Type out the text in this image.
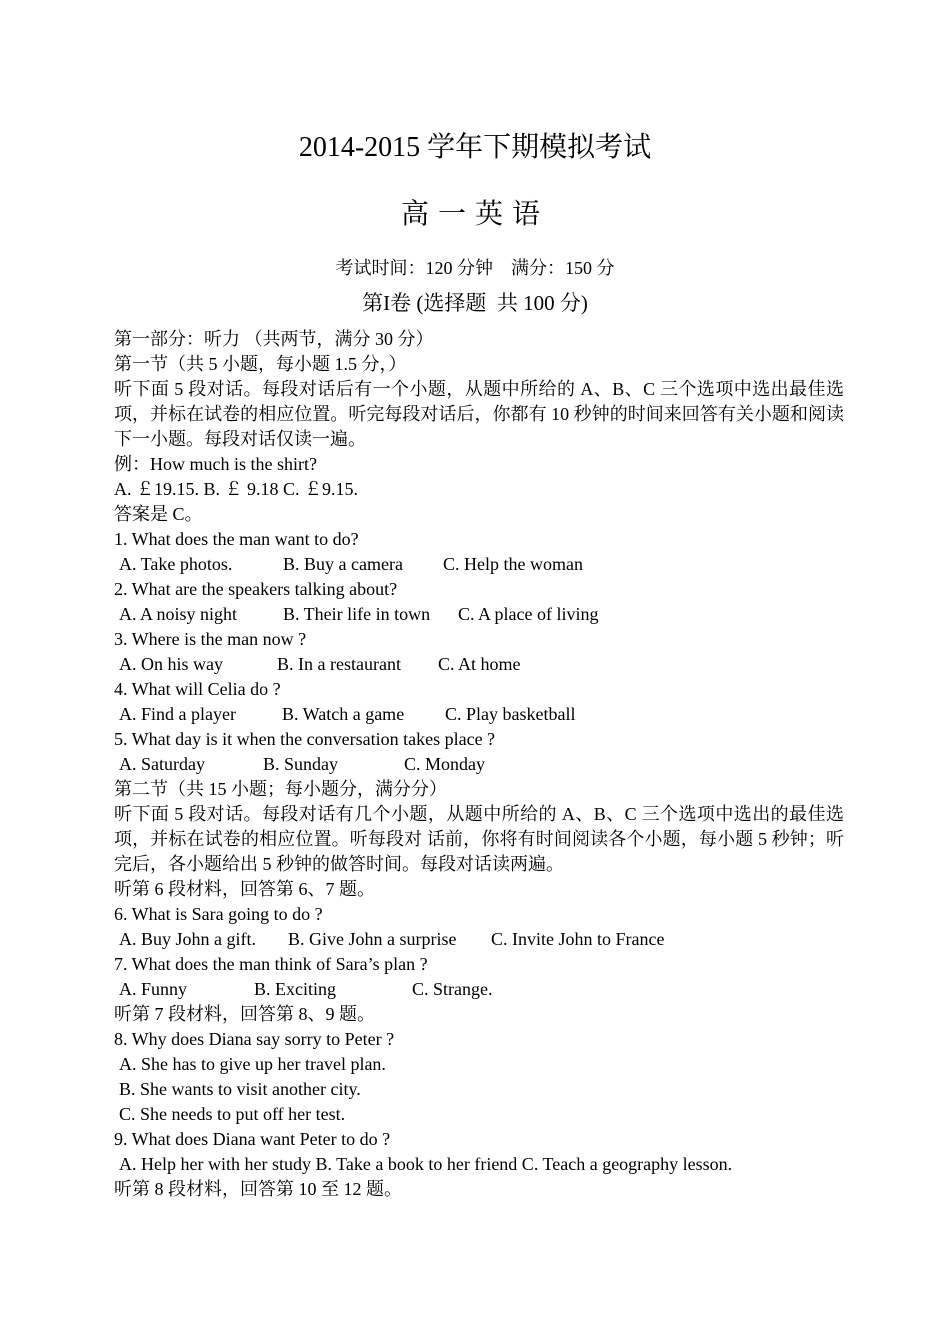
2014-2015 学年下期模拟考试
高一英语
考试时间：120 分钟    满分：150 分
第I卷 (选择题  共 100 分)
第一部分：听力 （共两节，满分 30 分）
第一节（共 5 小题，每小题 1.5 分，）
听下面 5 段对话。每段对话后有一个小题，从题中所给的 A、B、C 三个选项中选出最佳选项，并标在试卷的相应位置。听完每段对话后，你都有 10 秒钟的时间来回答有关小题和阅读下一小题。每段对话仅读一遍。
例：How much is the shirt?
A. ￡19.15. B. ￡ 9.18 C. ￡9.15.
答案是 C。
1. What does the man want to do?
A. Take photos.	B. Buy a camera C. Help the woman
2. What are the speakers talking about?
A. A noisy night	B. Their life in town C. A place of living
3. Where is the man now ?
A. On his way	B. In a restaurant C. At home
4. What will Celia do ?
A. Find a player	B. Watch a game C. Play basketball
5. What day is it when the conversation takes place ?
A. Saturday	B. Sunday	C. Monday
第二节（共 15 小题；每小题分，满分分）
听下面 5 段对话。每段对话有几个小题，从题中所给的 A、B、C 三个选项中选出的最佳选项，并标在试卷的相应位置。听每段对 话前，你将有时间阅读各个小题，每小题 5 秒钟；听完后，各小题给出 5 秒钟的做答时间。每段对话读两遍。
听第 6 段材料，回答第 6、7 题。
6. What is Sara going to do ?
A. Buy John a gift. B. Give John a surprise C. Invite John to France
7. What does the man think of Sara’s plan ?
A. Funny	B. Exciting	C. Strange.
听第 7 段材料，回答第 8、9 题。
8. Why does Diana say sorry to Peter ?
A. She has to give up her travel plan.
B. She wants to visit another city.
C. She needs to put off her test.
9. What does Diana want Peter to do ?
A. Help her with her study B. Take a book to her friend C. Teach a geography lesson.
听第 8 段材料，回答第 10 至 12 题。
